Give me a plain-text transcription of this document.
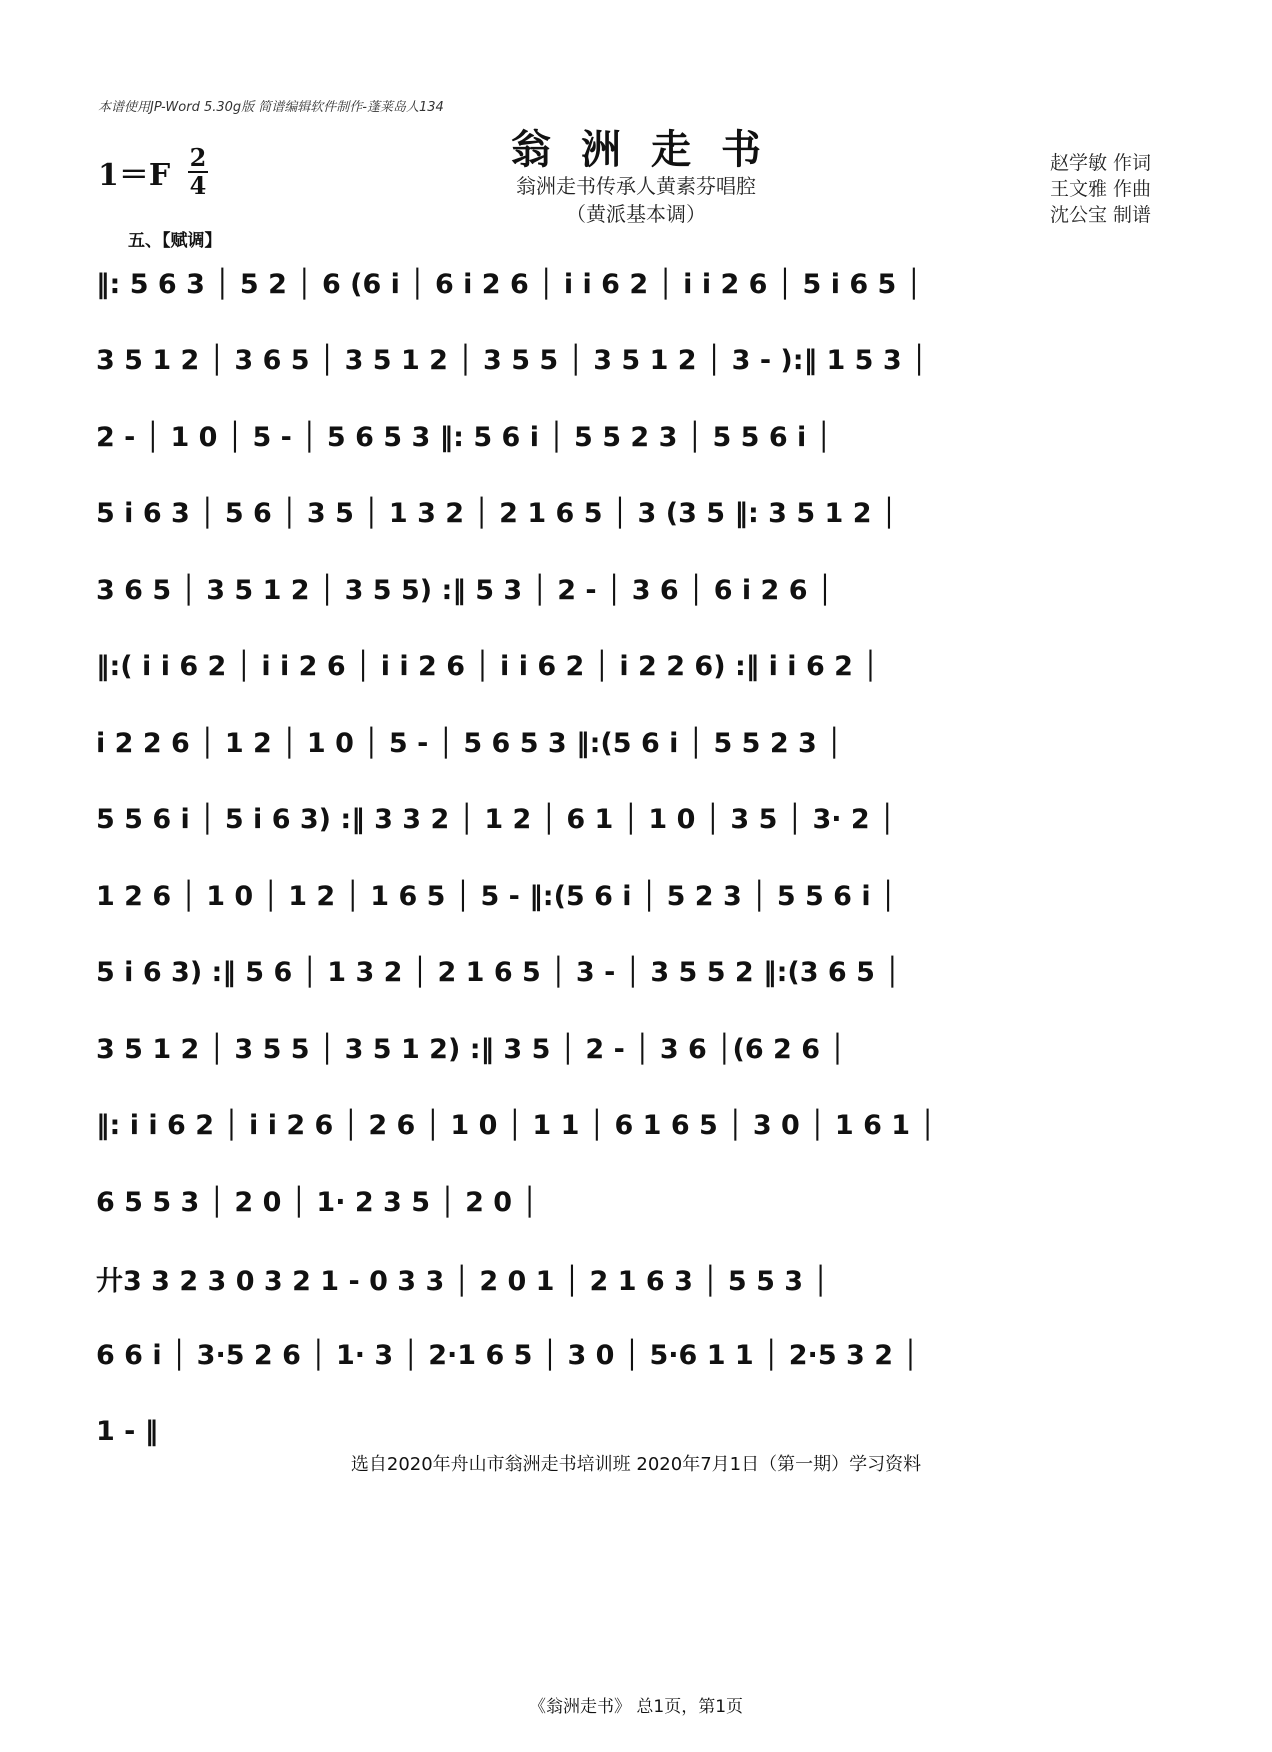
本谱使用JP-Word 5.30g版 简谱编辑软件制作-蓬莱岛人134
1＝F
2
4
翁洲走书
翁洲走书传承人黄素芬唱腔
（黄派基本调）
赵学敏 作词
王文雅 作曲
沈公宝 制谱
五、【赋调】
‖: 5 6 3 │ 5 2 │ 6 (6 i │ 6 i 2 6 │ i i 6 2 │ i i 2 6 │ 5 i 6 5 │
3 5 1 2 │ 3 6 5 │ 3 5 1 2 │ 3 5 5 │ 3 5 1 2 │ 3 - ):‖ 1 5 3 │
2 - │ 1 0 │ 5 - │ 5 6 5 3 ‖: 5 6 i │ 5 5 2 3 │ 5 5 6 i │
5 i 6 3 │ 5 6 │ 3 5 │ 1 3 2 │ 2 1 6 5 │ 3 (3 5 ‖: 3 5 1 2 │
3 6 5 │ 3 5 1 2 │ 3 5 5) :‖ 5 3 │ 2 - │ 3 6 │ 6 i 2 6 │
‖:( i i 6 2 │ i i 2 6 │ i i 2 6 │ i i 6 2 │ i 2 2 6) :‖ i i 6 2 │
i 2 2 6 │ 1 2 │ 1 0 │ 5 - │ 5 6 5 3 ‖:(5 6 i │ 5 5 2 3 │
5 5 6 i │ 5 i 6 3) :‖ 3 3 2 │ 1 2 │ 6 1 │ 1 0 │ 3 5 │ 3· 2 │
1 2 6 │ 1 0 │ 1 2 │ 1 6 5 │ 5 - ‖:(5 6 i │ 5 2 3 │ 5 5 6 i │
5 i 6 3) :‖ 5 6 │ 1 3 2 │ 2 1 6 5 │ 3 - │ 3 5 5 2 ‖:(3 6 5 │
3 5 1 2 │ 3 5 5 │ 3 5 1 2) :‖ 3 5 │ 2 - │ 3 6 │(6 2 6 │
‖: i i 6 2 │ i i 2 6 │ 2 6 │ 1 0 │ 1 1 │ 6 1 6 5 │ 3 0 │ 1 6 1 │
6 5 5 3 │ 2 0 │ 1· 2 3 5 │ 2 0 │
廾3 3 2 3 0 3 2 1 - 0 3 3 │ 2 0 1 │ 2 1 6 3 │ 5 5 3 │
6 6 i │ 3·5 2 6 │ 1· 3 │ 2·1 6 5 │ 3 0 │ 5·6 1 1 │ 2·5 3 2 │
1 - ‖
选自2020年舟山市翁洲走书培训班 2020年7月1日（第一期）学习资料
《翁洲走书》 总1页，第1页
